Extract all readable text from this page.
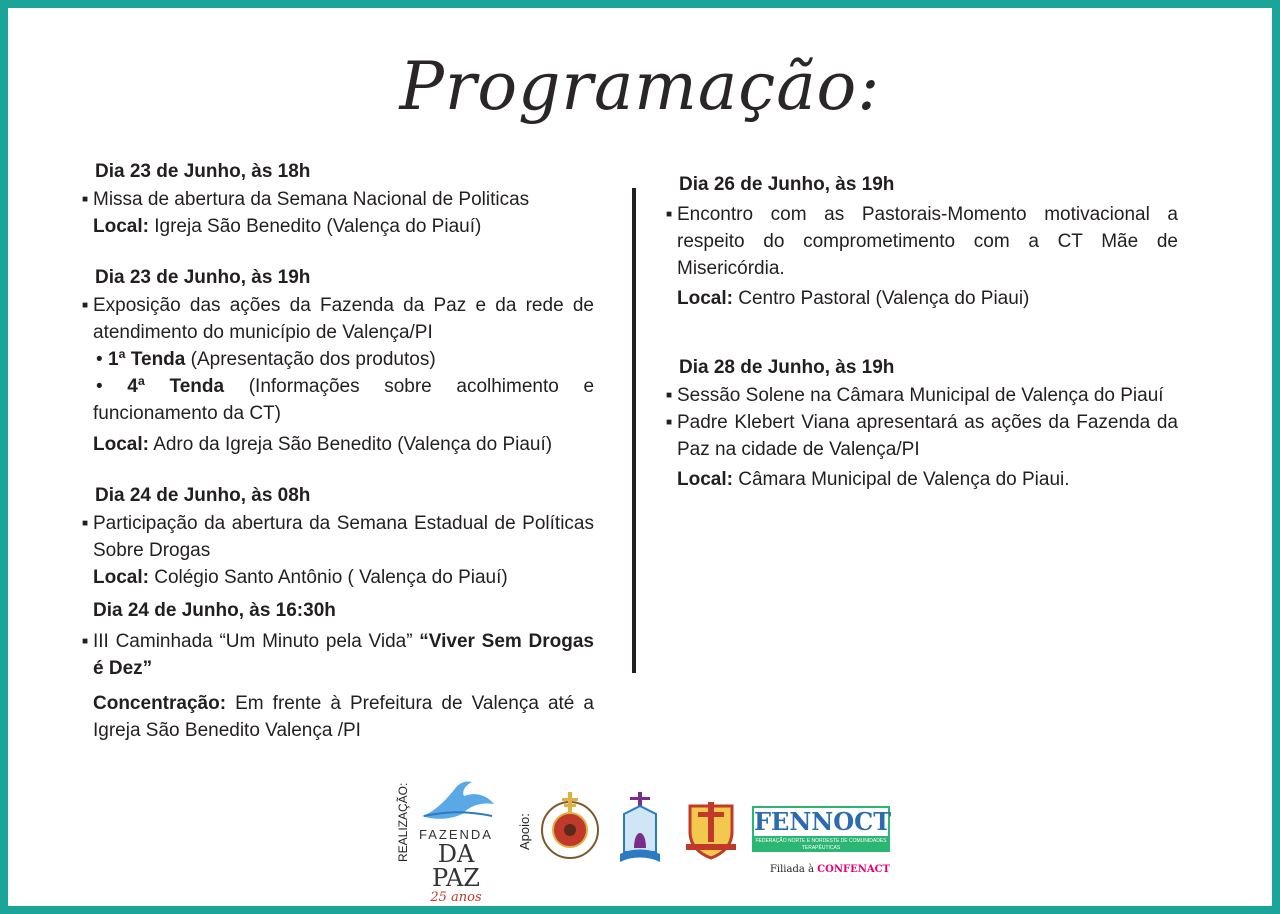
Programação:
Dia 23 de Junho, às 18h
■ Missa de abertura da Semana Nacional de Politicas
Local: Igreja São Benedito (Valença do Piauí)
Dia 23 de Junho, às 19h
■ Exposição das ações da Fazenda da Paz e da rede de atendimento do município de Valença/PI
• 1ª Tenda (Apresentação dos produtos)
• 4ª Tenda (Informações sobre acolhimento e funcionamento da CT)
Local: Adro da Igreja São Benedito (Valença do Piauí)
Dia 24 de Junho, às 08h
■ Participação da abertura da Semana Estadual de Políticas Sobre Drogas
Local: Colégio Santo Antônio ( Valença do Piauí)
Dia 24 de Junho, às 16:30h
■ III Caminhada “Um Minuto pela Vida” “Viver Sem Drogas é Dez”
Concentração: Em frente à Prefeitura de Valença até a Igreja São Benedito Valença /PI
Dia 26 de Junho, às 19h
■ Encontro com as Pastorais-Momento motivacional a respeito do comprometimento com a CT Mãe de Misericórdia.
Local: Centro Pastoral (Valença do Piaui)
Dia 28 de Junho, às 19h
■ Sessão Solene na Câmara Municipal de Valença do Piauí
■ Padre Klebert Viana apresentará as ações da Fazenda da Paz na cidade de Valença/PI
Local: Câmara Municipal de Valença do Piaui.
REALIZAÇÃO: FAZENDA
DA PAZ
25 anos
Apoio:	FENNOCT
FEDERAÇÃO NORTE E NORDESTE DE COMUNIDADES TERAPÊUTICAS
Filiada à CONFENACT
